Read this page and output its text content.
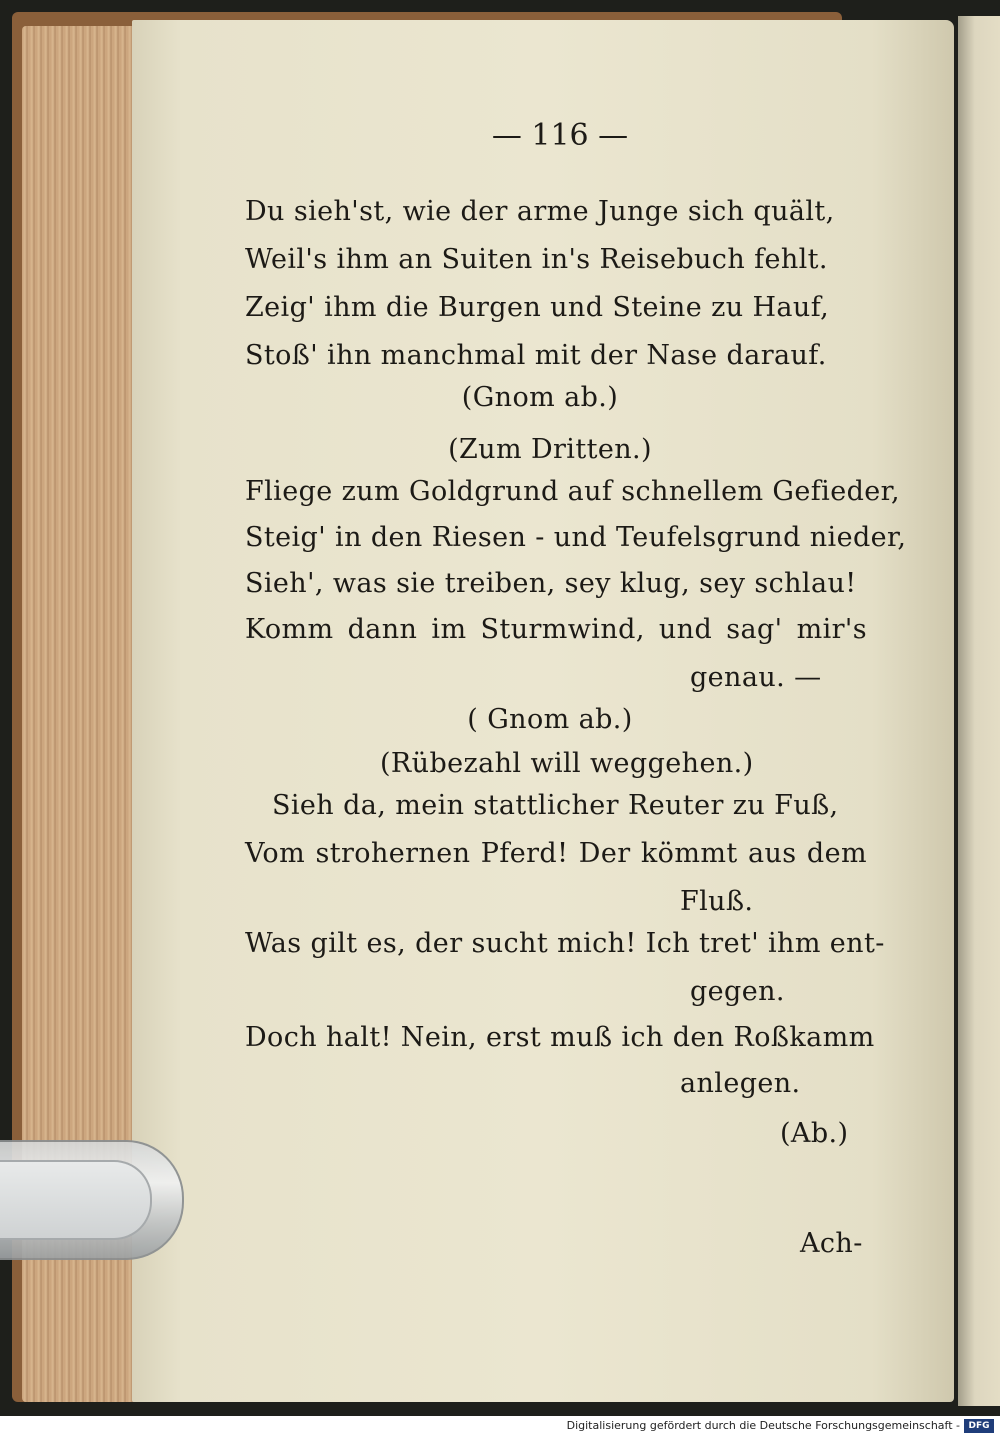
— 116 —
Du sieh'st, wie der arme Junge sich quält,
Weil's ihm an Suiten in's Reisebuch fehlt.
Zeig' ihm die Burgen und Steine zu Hauf,
Stoß' ihn manchmal mit der Nase darauf.
(Gnom ab.)
(Zum Dritten.)
Fliege zum Goldgrund auf schnellem Gefieder,
Steig' in den Riesen - und Teufelsgrund nieder,
Sieh', was sie treiben, sey klug, sey schlau!
Komm dann im Sturmwind, und sag' mir's
genau. —
( Gnom ab.)
(Rübezahl will weggehen.)
Sieh da, mein stattlicher Reuter zu Fuß,
Vom strohernen Pferd! Der kömmt aus dem
Fluß.
Was gilt es, der sucht mich! Ich tret' ihm ent-
gegen.
Doch halt! Nein, erst muß ich den Roßkamm
anlegen.
(Ab.)
Ach-
Digitalisierung gefördert durch die Deutsche Forschungsgemeinschaft - DFG
